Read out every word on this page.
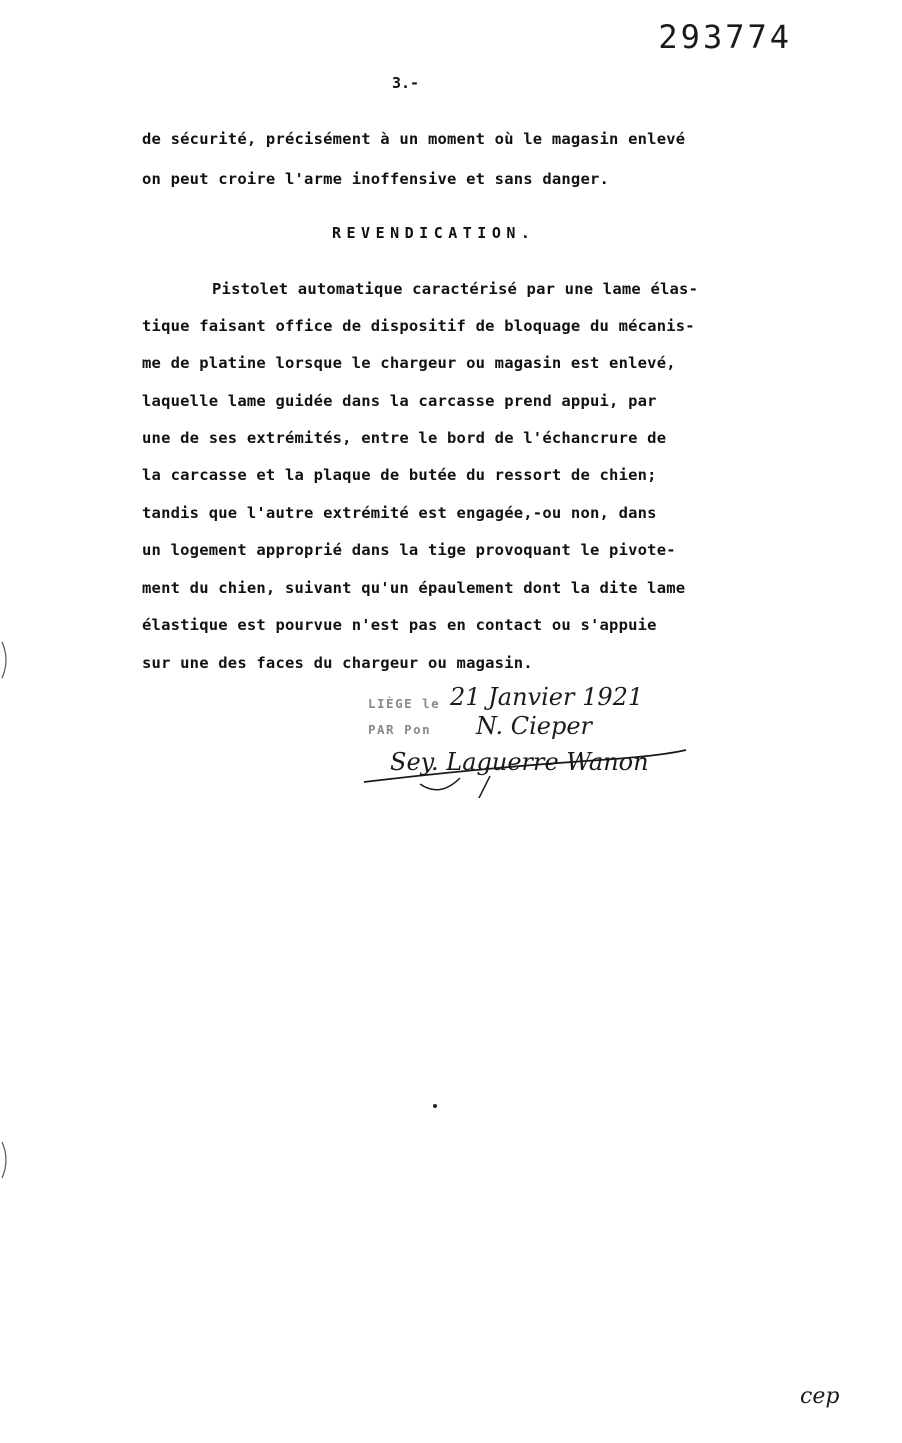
293774
3.-
de sécurité, précisément à un moment où le magasin enlevé
on peut croire l'arme inoffensive et sans danger.
REVENDICATION.
Pistolet automatique caractérisé par une lame élas-
tique faisant office de dispositif de bloquage du mécanis-
me de platine lorsque le chargeur ou magasin est enlevé,
laquelle lame guidée dans la carcasse prend appui, par
une de ses extrémités, entre le bord de l'échancrure de
la carcasse et la plaque de butée du ressort de chien;
tandis que l'autre extrémité est engagée,-ou non, dans
un logement approprié dans la tige provoquant le pivote-
ment du chien, suivant qu'un épaulement dont la dite lame
élastique est pourvue n'est pas en contact ou s'appuie
sur une des faces du chargeur ou magasin.
LIÈGE le 21 Janvier 1921
PAR Pon N. Cieper
Sey. Laguerre Wanon
cep
